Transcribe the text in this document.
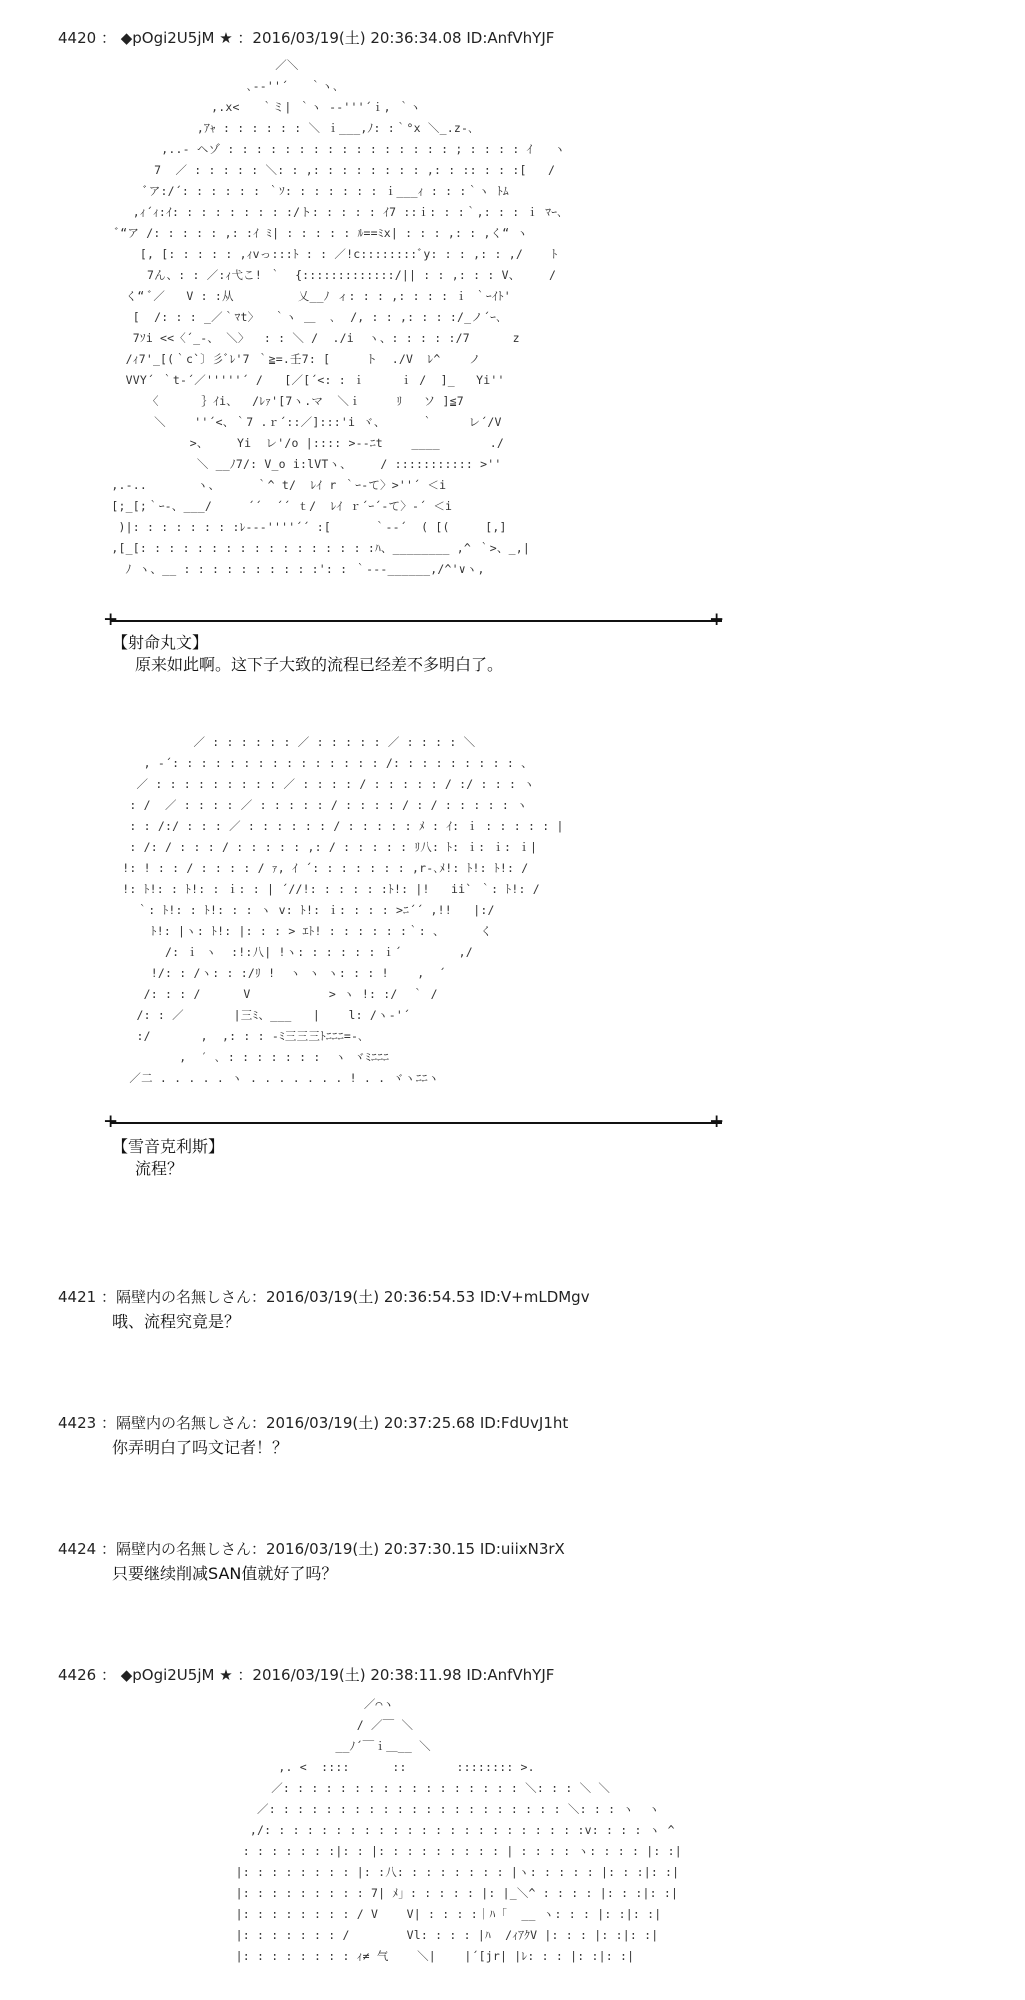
4420 ： ◆pOgi2U5jM ★ ：2016/03/19(土) 20:36:34.08 ID:AnfVhYJF
／＼
､-‐''´   ｀ヽ､
,.x<   ｀ミ| ｀ヽ ‐‐'''´ｉ, ｀ヽ
,ｱｬ : : : : : : ＼ ｉ___,ﾉ: :｀°x ＼_.z-､
,..- ヘゾ : : : : : : : : : : : : : : : : ; : : : : ｲ   ヽ
7  ／ : : : : : ＼: : ,: : : : : : : : ,: : :: : : :[   /
ﾞア:/´: : : : : : ｀ｿ: : : : : : : ｉ___ｨ : : :｀ヽ ﾄﾑ
,ｨ´ｨ:ｲ: : : : : : : : :/ト: : : : : ｲ7 ::ｉ: : :｀,: : : ｉ ﾏｰ､
ﾞ“ア /: : : : : ,: :ｲ ﾐ| : : : : : ﾙ==ﾐx| : : : ,: : ,く“ ヽ
[, [: : : : : ,ｨvっ:::ﾄ : : ／!c::::::::ﾞy: : : ,: : ,/    ﾄ
7ん、: : ／:ｨ弋こ! ｀  {:::::::::::::/|| : : ,: : : V、    /
く“ ﾞ／   V : :从         乂__ﾉ ィ: : : ,: : : : ｉ ｀ｰｲﾄ'
[  /: : : _／｀ﾏt〉  ｀ヽ ＿  ､  /, : : ,: : : :/_ノ´ｰ､
7ｿi <<〈´_-、 ＼〉  : : ＼ /  ./i  ヽ、: : : : :/7      z
/ｨ7'_[(｀c`〕彡ﾞﾚ'7 ｀≧=.壬7: [     ト  ./V  ﾚ^    ノ
VVY´ ｀t-´／'''''´ /   [／[´<: : ｉ     ｉ /  ]_   Yi''
〈      ｝ｲi、  /ﾚｧ'[7ヽ.マ  ＼ｉ     ﾘ   ソ ]≦7
＼    ''´<、｀7 .ｒ´::／]:::'i ヾ、     ｀     レ´/V
>、    Yi  レ'/o |:::: >‐‐ﾆt    ____       ./
＼ __ﾉ7/: V_o i:lVTヽ、    / ::::::::::: >''
,.-..       ヽ、     ｀^ t/  ﾚｲ r ｀ｰ‐て〉>''´ ＜i
[;_[;｀ｰ-、___/     ´´  ´´ ｔ/  ﾚｲ ｒ´ｰ´‐て〉‐´ ＜i
)|: : : : : : : :ﾚ--‐''''´´ :[      ｀-‐´  ( [(     [,]
,[_[: : : : : : : : : : : : : : : : :ﾊ、________ ,^ ｀>、_,|
ﾉ ヽ、__ : : : : : : : : : :': : ｀‐‐-______,/^'∨ヽ,
+	+
【射命丸文】
原来如此啊。这下子大致的流程已经差不多明白了。
／ : : : : : : ／ : : : : : ／ : : : : ＼
, -´: : : : : : : : : : : : : : : /: : : : : : : : : 、
／ : : : : : : : : : ／ : : : : / : : : : : / :/ : : : ヽ
: /  ／ : : : : ／ : : : : : / : : : : / : / : : : : : ヽ
: : /:/ : : : ／ : : : : : : / : : : : : ﾒ : ｲ: ｉ : : : : : |
: /: / : : : / : : : : : ,: / : : : : : ﾘ八: ﾄ: ｉ: ｉ: ｉ|
!: ! : : / : : : : / ｧ, ｲ ´: : : : : : : ,r‐､ﾒ!: ﾄ!: ﾄ!: /
!: ﾄ!: : ﾄ!: : ｉ: : | ´//!: : : : : :ﾄ!: |!   ii` ｀: ﾄ!: /
｀: ﾄ!: : ﾄ!: : : ヽ v: ﾄ!: ｉ: : : : >ﾆ´´ ,!!   |:/
ﾄ!: |ヽ: ﾄ!: |: : : > ｴﾄ! : : : : : :｀: 、     く
/: ｉ ヽ  :!:八| !ヽ: : : : : : ｉ´        ,/
!/: : /ヽ: : :/ﾘ !  ヽ ヽ ヽ: : : !    ,  ´
/: : : /      V           > ヽ !: :/  ｀ /
/: : ／       |三ﾐ、___   |    l: /ヽ‐'´
:/       ,  ,: : : -ﾐ三三三ﾄﾆﾆﾆ=-､
,  ′ ､ : : : : : : :  ヽ ヾﾐﾆﾆﾆ
／二 . . . . . ヽ . . . . . . . ! . . ヾヽﾆﾆヽ
+	+
【雪音克利斯】
流程？
4421 ：隔壁内の名無しさん：2016/03/19(土) 20:36:54.53 ID:V+mLDMgv
哦、流程究竟是？
4423 ：隔壁内の名無しさん：2016/03/19(土) 20:37:25.68 ID:FdUvJ1ht
你弄明白了吗文记者！？
4424 ：隔壁内の名無しさん：2016/03/19(土) 20:37:30.15 ID:uiixN3rX
只要继续削减SAN值就好了吗？
4426 ： ◆pOgi2U5jM ★ ：2016/03/19(土) 20:38:11.98 ID:AnfVhYJF
／⌒ヽ
/ ／￣ ＼
__ﾉ´￣ｉ＿__ ＼
,. <  ::::      ::       :::::::: >.
／: : : : : : : : : : : : : : : : : ＼: : : ＼ ＼
／: : : : : : : : : : : : : : : : : : : : : ＼: : : ヽ  ヽ
,/: : : : : : : : : : : : : : : : : : : : : : :v: : : : ヽ ^
: : : : : : :|: : |: : : : : : : : : | : : : : ヽ: : : : |: :|
|: : : : : : : : |: :八: : : : : : : : |ヽ: : : : : |: : :|: :|
|: : : : : : : : : 7| ﾒ」: : : : : |: |_＼^ : : : : |: : :|: :|
|: : : : : : : : / V    V| : : : :｜ﾊ「  __ ヽ: : : |: :|: :|
|: : : : : : : /        Vl: : : : |ﾊ  /ｨｱｸV |: : : |: :|: :|
|: : : : : : : : ｨ≠ 气    ＼|    |´[jr| |ﾚ: : : |: :|: :|
